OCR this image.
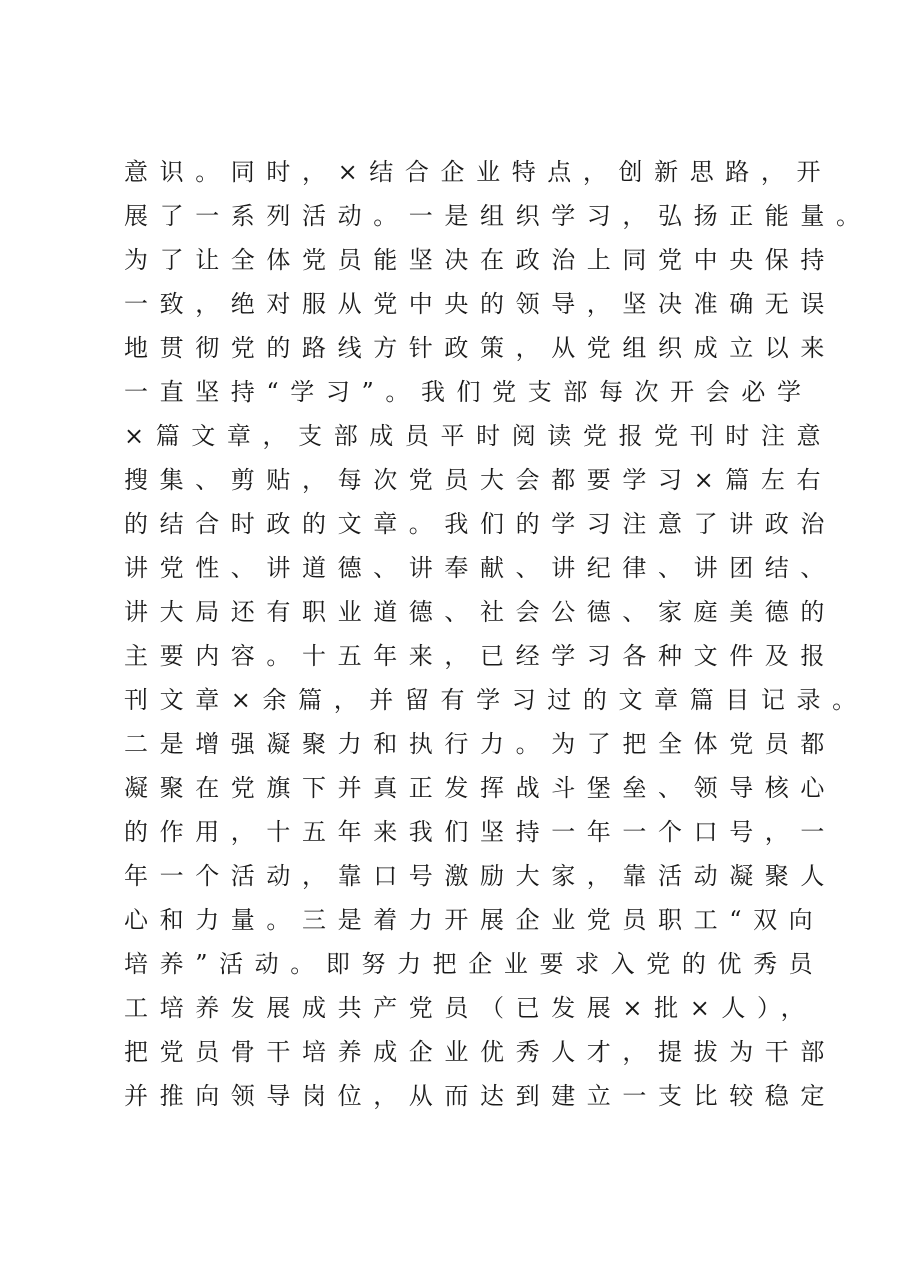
意识。同时，×结合企业特点，创新思路，开
展了一系列活动。一是组织学习，弘扬正能量。
为了让全体党员能坚决在政治上同党中央保持
一致，绝对服从党中央的领导，坚决准确无误
地贯彻党的路线方针政策，从党组织成立以来
一直坚持“学习”。我们党支部每次开会必学
×篇文章，支部成员平时阅读党报党刊时注意
搜集、剪贴，每次党员大会都要学习×篇左右
的结合时政的文章。我们的学习注意了讲政治
讲党性、讲道德、讲奉献、讲纪律、讲团结、
讲大局还有职业道德、社会公德、家庭美德的
主要内容。十五年来，已经学习各种文件及报
刊文章×余篇，并留有学习过的文章篇目记录。
二是增强凝聚力和执行力。为了把全体党员都
凝聚在党旗下并真正发挥战斗堡垒、领导核心
的作用，十五年来我们坚持一年一个口号，一
年一个活动，靠口号激励大家，靠活动凝聚人
心和力量。三是着力开展企业党员职工“双向
培养”活动。即努力把企业要求入党的优秀员
工培养发展成共产党员（已发展×批×人），
把党员骨干培养成企业优秀人才，提拔为干部
并推向领导岗位，从而达到建立一支比较稳定
